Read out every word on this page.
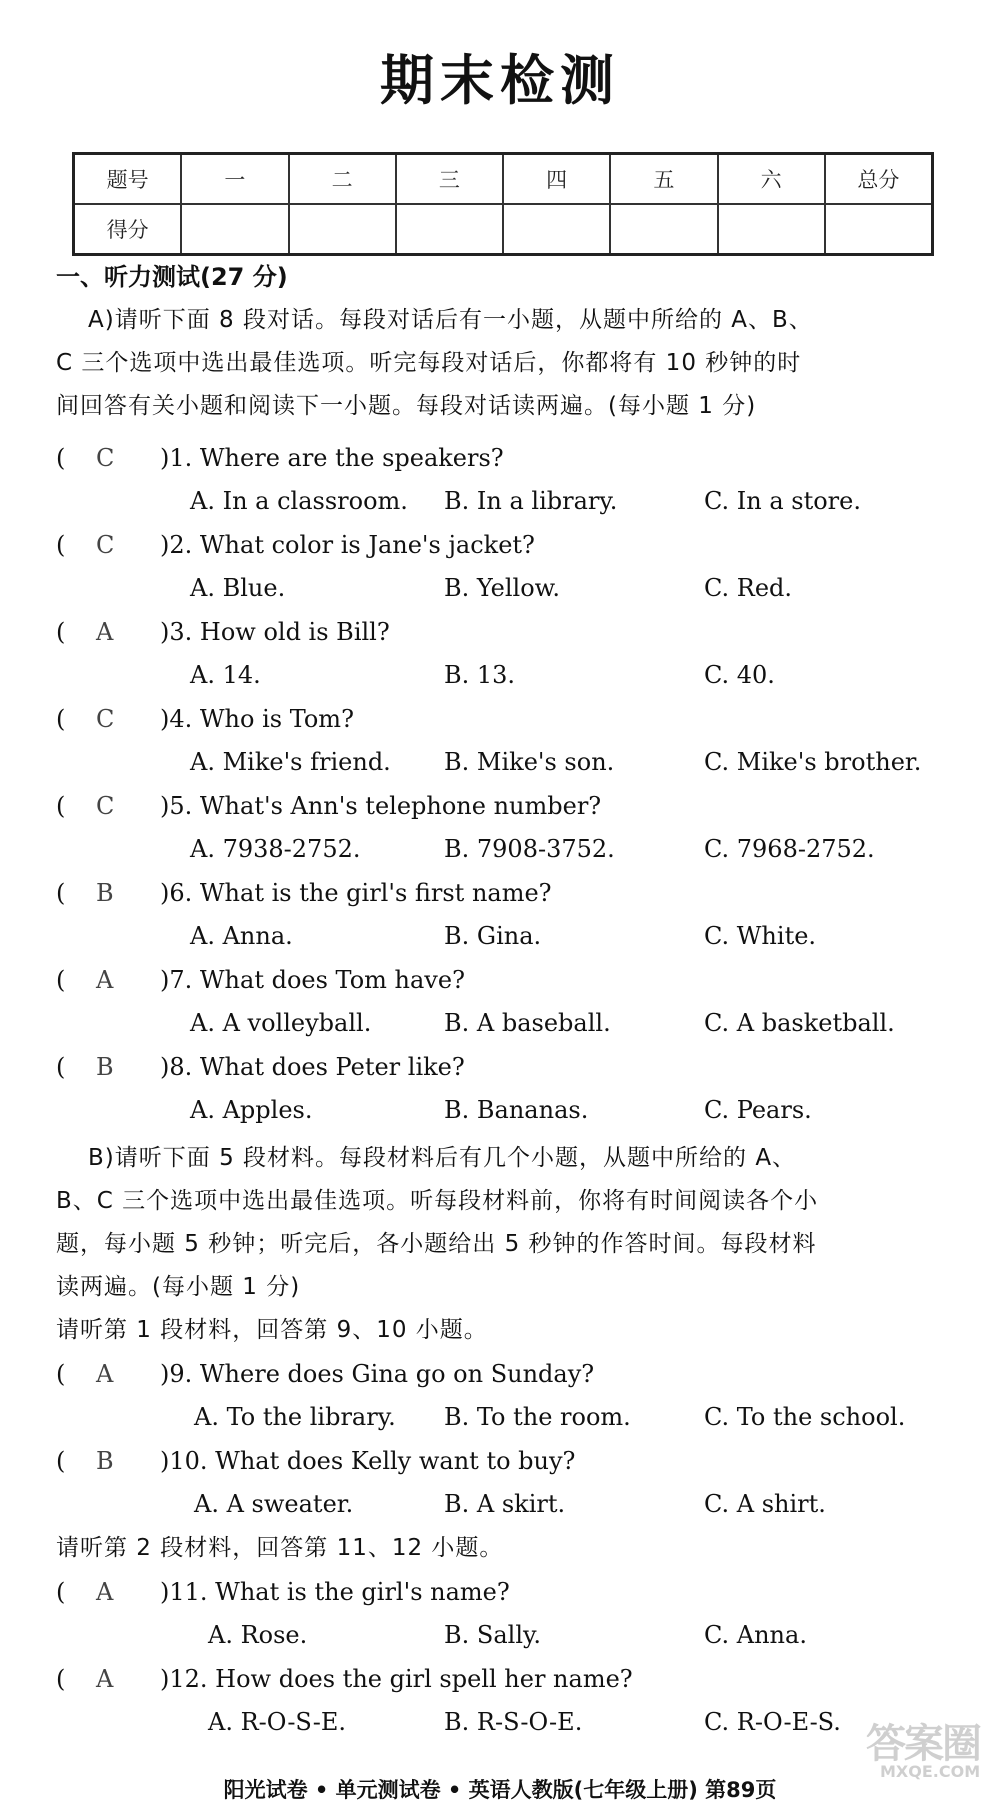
期末检测
题号	一	二	三	四	五	六	总分
得分							
一、听力测试(27 分)
A)请听下面 8 段对话。每段对话后有一小题，从题中所给的 A、B、
C 三个选项中选出最佳选项。听完每段对话后，你都将有 10 秒钟的时
间回答有关小题和阅读下一小题。每段对话读两遍。(每小题 1 分)
( C )1. Where are the speakers?
A. In a classroom. B. In a library.	C. In a store.
( C )2. What color is Jane's jacket?
A. Blue.	B. Yellow.	C. Red.
( A )3. How old is Bill?
A. 14.	B. 13.	C. 40.
( C )4. Who is Tom?
A. Mike's friend. B. Mike's son.	C. Mike's brother.
( C )5. What's Ann's telephone number?
A. 7938-2752.	B. 7908-3752.	C. 7968-2752.
( B )6. What is the girl's first name?
A. Anna.	B. Gina.	C. White.
( A )7. What does Tom have?
A. A volleyball.	B. A baseball.	C. A basketball.
( B )8. What does Peter like?
A. Apples.	B. Bananas.	C. Pears.
B)请听下面 5 段材料。每段材料后有几个小题，从题中所给的 A、
B、C 三个选项中选出最佳选项。听每段材料前，你将有时间阅读各个小
题，每小题 5 秒钟；听完后，各小题给出 5 秒钟的作答时间。每段材料
读两遍。(每小题 1 分)
请听第 1 段材料，回答第 9、10 小题。
( A )9. Where does Gina go on Sunday?
A. To the library. B. To the room.	C. To the school.
( B )10. What does Kelly want to buy?
A. A sweater.	B. A skirt.	C. A shirt.
请听第 2 段材料，回答第 11、12 小题。
( A )11. What is the girl's name?
A. Rose.	B. Sally.	C. Anna.
( A )12. How does the girl spell her name?
A. R-O-S-E.	B. R-S-O-E.	C. R-O-E-S.
阳光试卷 • 单元测试卷 • 英语人教版(七年级上册) 第89页
答案圈
MXQE.COM
